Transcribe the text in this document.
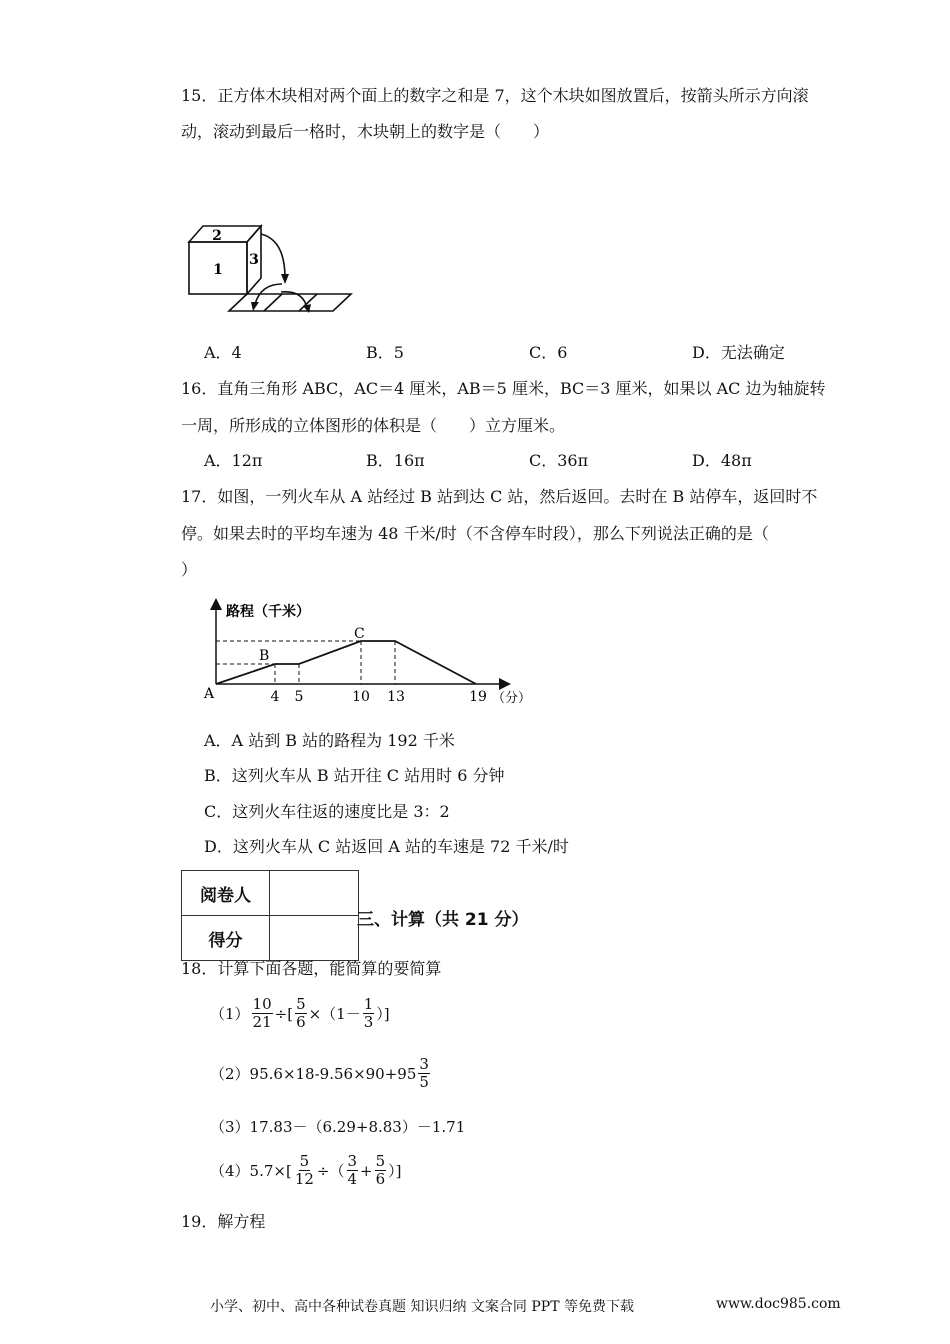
15．正方体木块相对两个面上的数字之和是 7，这个木块如图放置后，按箭头所示方向滚
动，滚动到最后一格时，木块朝上的数字是（　　）
2
1
3
A．4	B．5	C．6	D．无法确定
16．直角三角形 ABC，AC＝4 厘米，AB＝5 厘米，BC＝3 厘米，如果以 AC 边为轴旋转
一周，所形成的立体图形的体积是（　　）立方厘米。
A．12π	B．16π	C．36π	D．48π
17．如图，一列火车从 A 站经过 B 站到达 C 站，然后返回。去时在 B 站停车，返回时不
停。如果去时的平均车速为 48 千米/时（不含停车时段），那么下列说法正确的是（
）
路程（千米）
A
B
C
4 5	10 13	19 （分）
A．A 站到 B 站的路程为 192 千米
B．这列火车从 B 站开往 C 站用时 6 分钟
C．这列火车往返的速度比是 3：2
D．这列火车从 C 站返回 A 站的车速是 72 千米/时
阅卷人	
得分	
三、计算（共 21 分）
18．计算下面各题，能简算的要简算
$(1) \frac{10}{21}$ ÷[ $\frac{5}{6} \times(1- \frac{1}{3}$ ）]
（2） $95.6\times 18-9.56\times 90+95 \frac{3}{5}$
（3） 17.83－（6.29+8.83）－1.71
（4） $5.7\times[ \frac{5}{12}$ ÷（ $\frac{3}{4} + \frac{5}{6}$ ）]
19．解方程
小学、初中、高中各种试卷真题 知识归纳 文案合同 PPT 等免费下载	www.doc985.com
